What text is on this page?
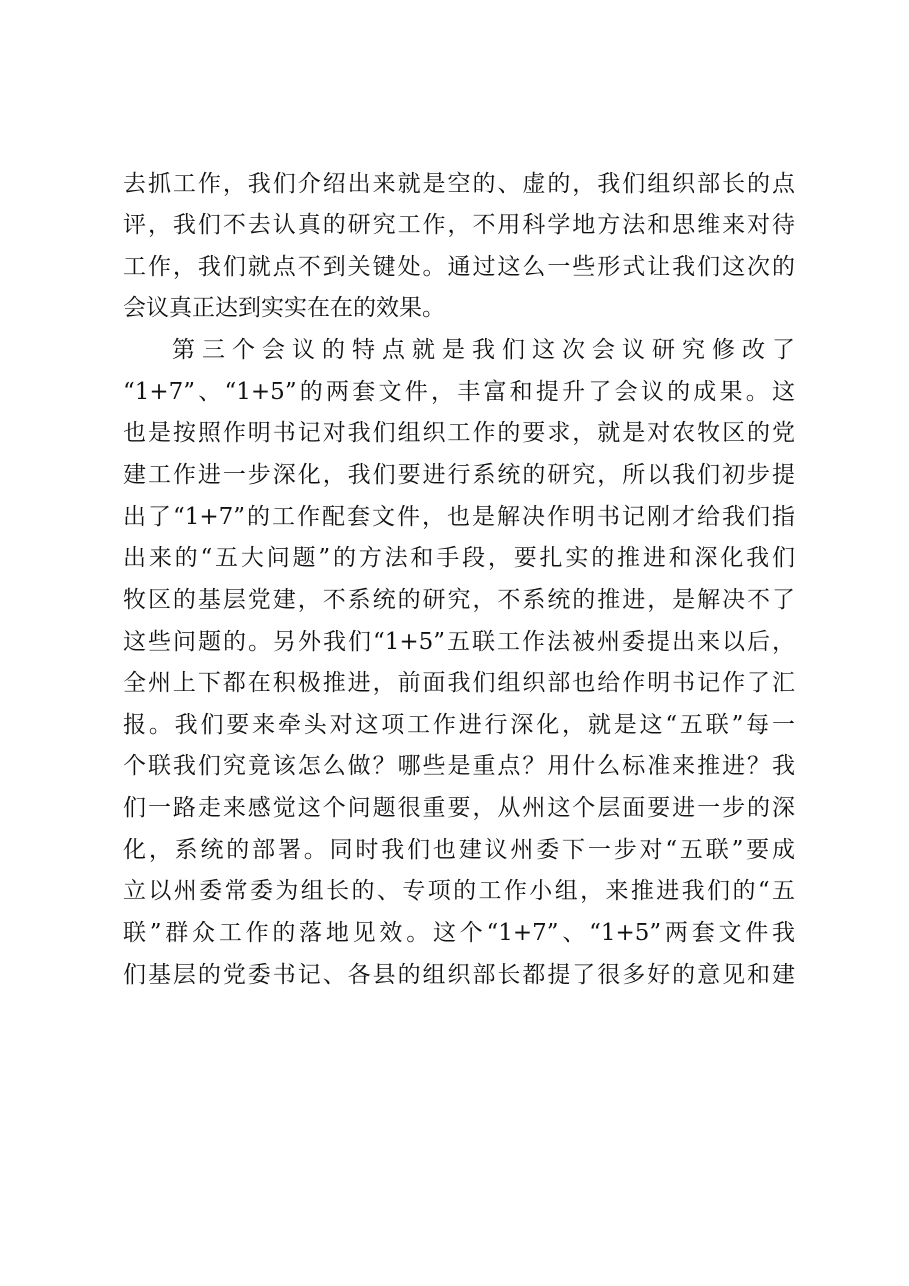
去抓工作，我们介绍出来就是空的、虚的，我们组织部长的点
评，我们不去认真的研究工作，不用科学地方法和思维来对待
工作，我们就点不到关键处。通过这么一些形式让我们这次的
会议真正达到实实在在的效果。
第三个会议的特点就是我们这次会议研究修改了
“1+7”、“1+5”的两套文件，丰富和提升了会议的成果。这
也是按照作明书记对我们组织工作的要求，就是对农牧区的党
建工作进一步深化，我们要进行系统的研究，所以我们初步提
出了“1+7”的工作配套文件，也是解决作明书记刚才给我们指
出来的“五大问题”的方法和手段，要扎实的推进和深化我们
牧区的基层党建，不系统的研究，不系统的推进，是解决不了
这些问题的。另外我们“1+5”五联工作法被州委提出来以后，
全州上下都在积极推进，前面我们组织部也给作明书记作了汇
报。我们要来牵头对这项工作进行深化，就是这“五联”每一
个联我们究竟该怎么做？哪些是重点？用什么标准来推进？我
们一路走来感觉这个问题很重要，从州这个层面要进一步的深
化，系统的部署。同时我们也建议州委下一步对“五联”要成
立以州委常委为组长的、专项的工作小组，来推进我们的“五
联”群众工作的落地见效。这个“1+7”、“1+5”两套文件我
们基层的党委书记、各县的组织部长都提了很多好的意见和建
